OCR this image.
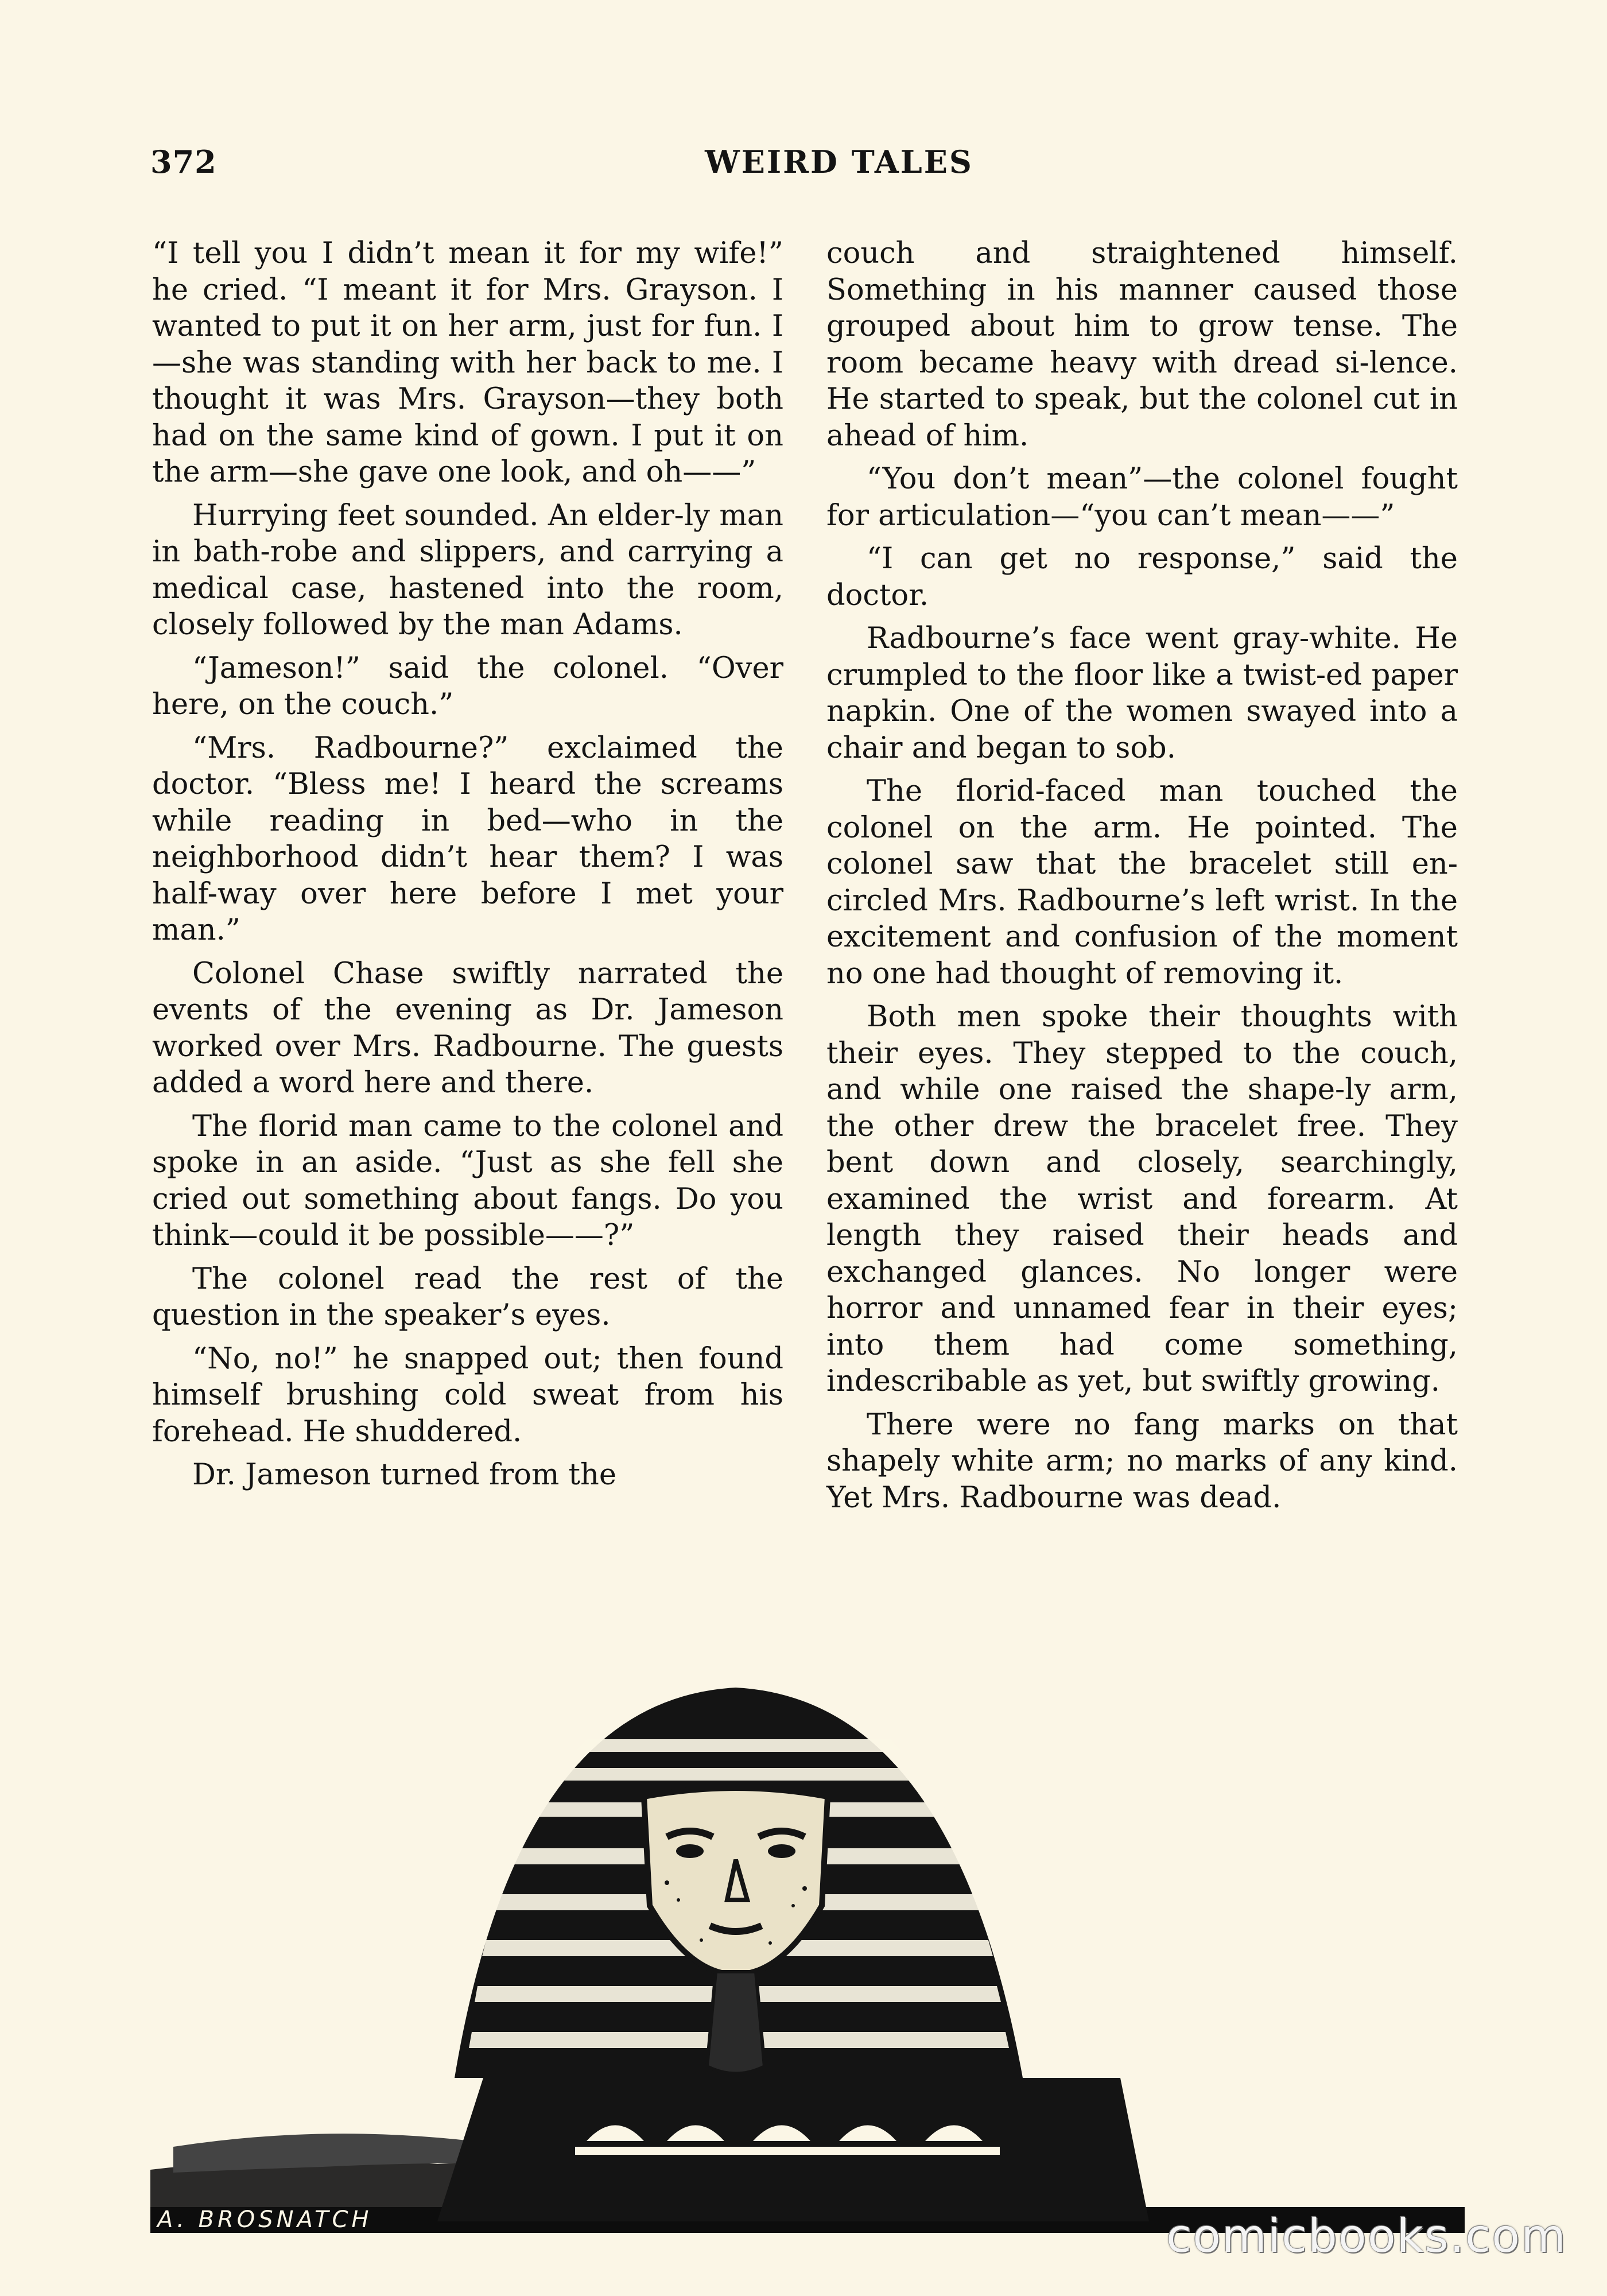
372	WEIRD TALES

“I tell you I didn’t mean it for my wife!” he cried. “I meant it for Mrs. Grayson. I wanted to put it on her arm, just for fun. I—she was standing with her back to me. I thought it was Mrs. Grayson—they both had on the same kind of gown. I put it on the arm—she gave one look, and oh——”

Hurrying feet sounded. An elder-ly man in bath-robe and slippers, and carrying a medical case, hastened into the room, closely followed by the man Adams.

“Jameson!” said the colonel. “Over here, on the couch.”

“Mrs. Radbourne?” exclaimed the doctor. “Bless me! I heard the screams while reading in bed—who in the neighborhood didn’t hear them? I was half-way over here before I met your man.”

Colonel Chase swiftly narrated the events of the evening as Dr. Jameson worked over Mrs. Radbourne. The guests added a word here and there.

The florid man came to the colonel and spoke in an aside. “Just as she fell she cried out something about fangs. Do you think—could it be possible——?”

The colonel read the rest of the question in the speaker’s eyes.

“No, no!” he snapped out; then found himself brushing cold sweat from his forehead. He shuddered.

Dr. Jameson turned from the

couch and straightened himself. Something in his manner caused those grouped about him to grow tense. The room became heavy with dread si-lence. He started to speak, but the colonel cut in ahead of him.

“You don’t mean”—the colonel fought for articulation—“you can’t mean——”

“I can get no response,” said the doctor.

Radbourne’s face went gray-white. He crumpled to the floor like a twist-ed paper napkin. One of the women swayed into a chair and began to sob.

The florid-faced man touched the colonel on the arm. He pointed. The colonel saw that the bracelet still en-circled Mrs. Radbourne’s left wrist. In the excitement and confusion of the moment no one had thought of removing it.

Both men spoke their thoughts with their eyes. They stepped to the couch, and while one raised the shape-ly arm, the other drew the bracelet free. They bent down and closely, searchingly, examined the wrist and forearm. At length they raised their heads and exchanged glances. No longer were horror and unnamed fear in their eyes; into them had come something, indescribable as yet, but swiftly growing.

There were no fang marks on that shapely white arm; no marks of any kind. Yet Mrs. Radbourne was dead.

A. BROSNATCH	comicbooks.com
